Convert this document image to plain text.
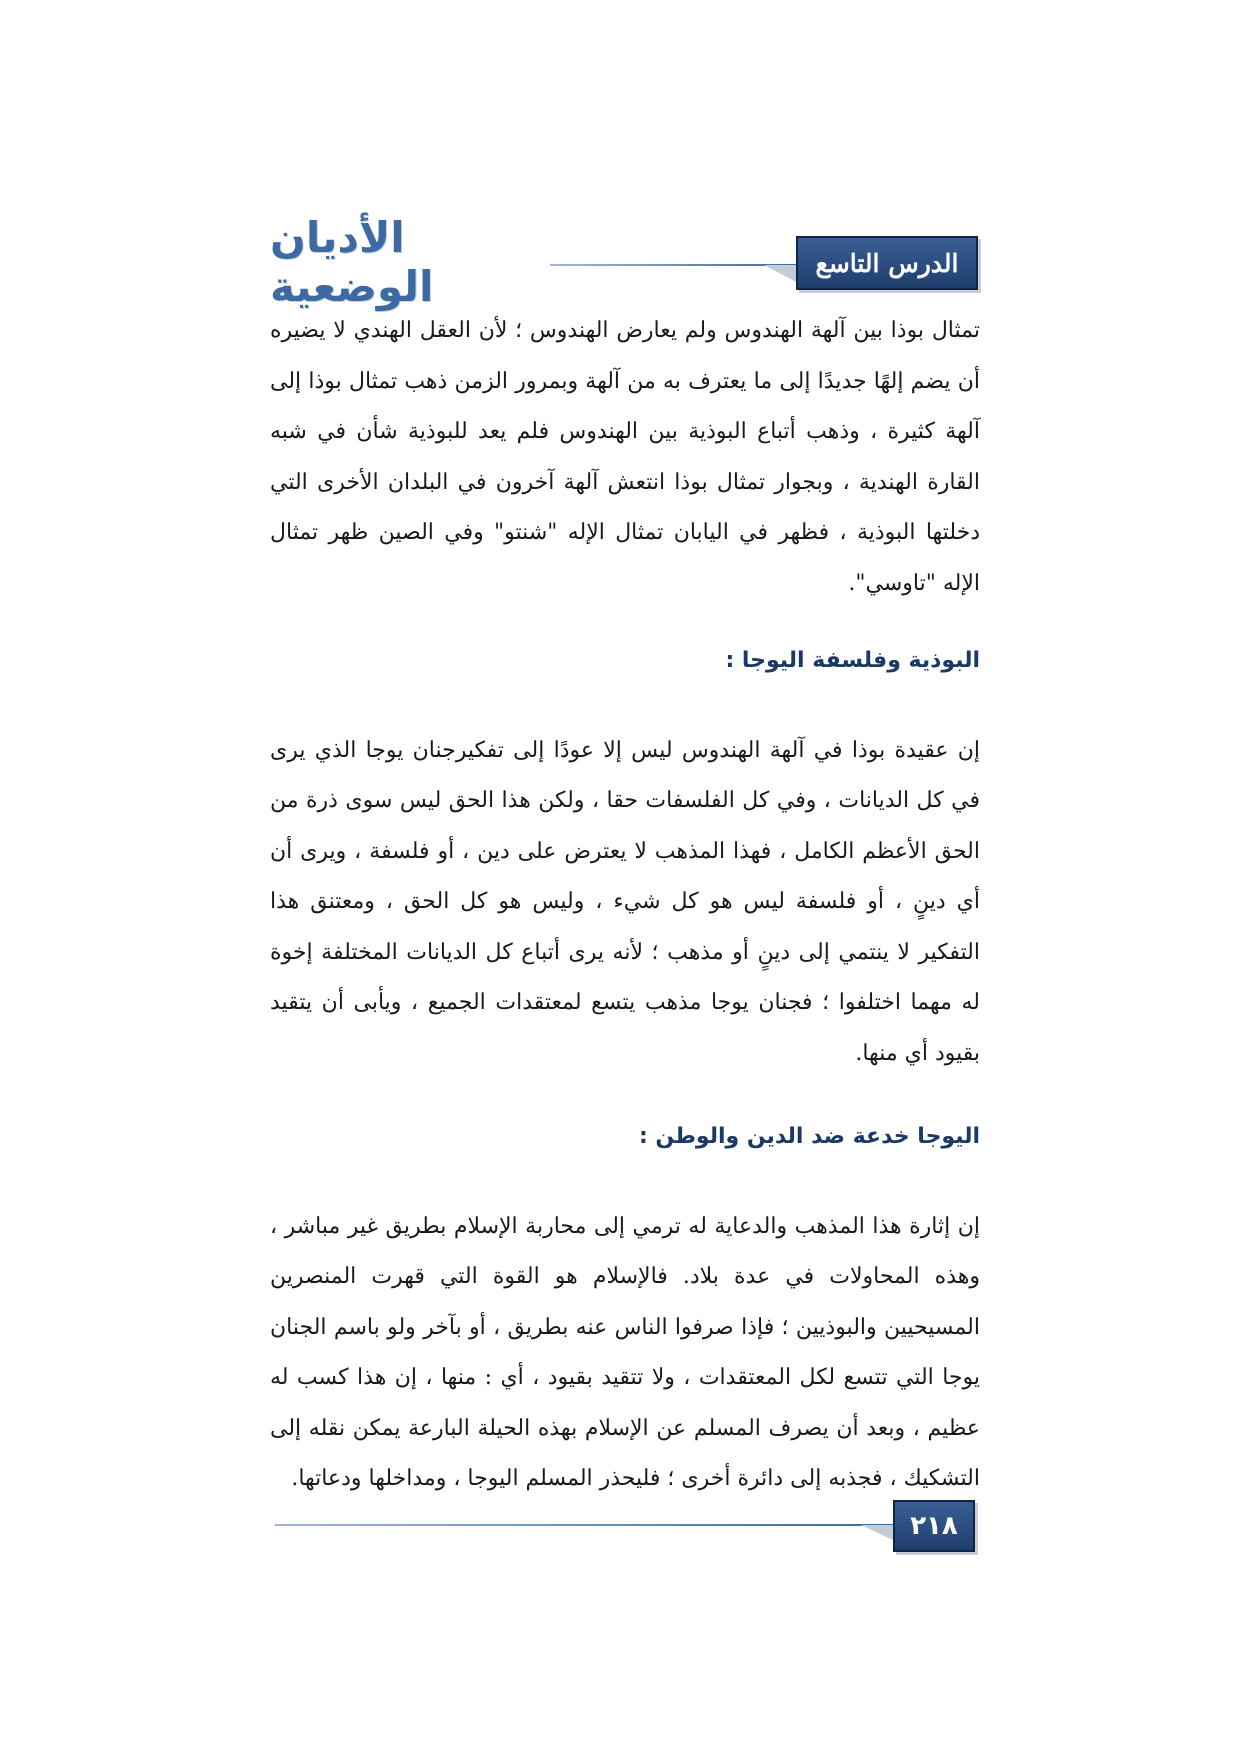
الأديان الوضعية	الدرس التاسع

تمثال بوذا بين آلهة الهندوس ولم يعارض الهندوس ؛ لأن العقل الهندي لا يضيره أن يضم إلهًا جديدًا إلى ما يعترف به من آلهة وبمرور الزمن ذهب تمثال بوذا إلى آلهة كثيرة ، وذهب أتباع البوذية بين الهندوس فلم يعد للبوذية شأن في شبه القارة الهندية ، وبجوار تمثال بوذا انتعش آلهة آخرون في البلدان الأخرى التي دخلتها البوذية ، فظهر في اليابان تمثال الإله "شنتو" وفي الصين ظهر تمثال الإله "تاوسي".

البوذية وفلسفة اليوجا :

إن عقيدة بوذا في آلهة الهندوس ليس إلا عودًا إلى تفكيرجنان يوجا الذي يرى في كل الديانات ، وفي كل الفلسفات حقا ، ولكن هذا الحق ليس سوى ذرة من الحق الأعظم الكامل ، فهذا المذهب لا يعترض على دين ، أو فلسفة ، ويرى أن أي دينٍ ، أو فلسفة ليس هو كل شيء ، وليس هو كل الحق ، ومعتنق هذا التفكير لا ينتمي إلى دينٍ أو مذهب ؛ لأنه يرى أتباع كل الديانات المختلفة إخوة له مهما اختلفوا ؛ فجنان يوجا مذهب يتسع لمعتقدات الجميع ، ويأبى أن يتقيد بقيود أي منها.

اليوجا خدعة ضد الدين والوطن :

إن إثارة هذا المذهب والدعاية له ترمي إلى محاربة الإسلام بطريق غير مباشر ، وهذه المحاولات في عدة بلاد. فالإسلام هو القوة التي قهرت المنصرين المسيحيين والبوذيين ؛ فإذا صرفوا الناس عنه بطريق ، أو بآخر ولو باسم الجنان يوجا التي تتسع لكل المعتقدات ، ولا تتقيد بقيود ، أي : منها ، إن هذا كسب له عظيم ، وبعد أن يصرف المسلم عن الإسلام بهذه الحيلة البارعة يمكن نقله إلى التشكيك ، فجذبه إلى دائرة أخرى ؛ فليحذر المسلم اليوجا ، ومداخلها ودعاتها.

٢١٨
